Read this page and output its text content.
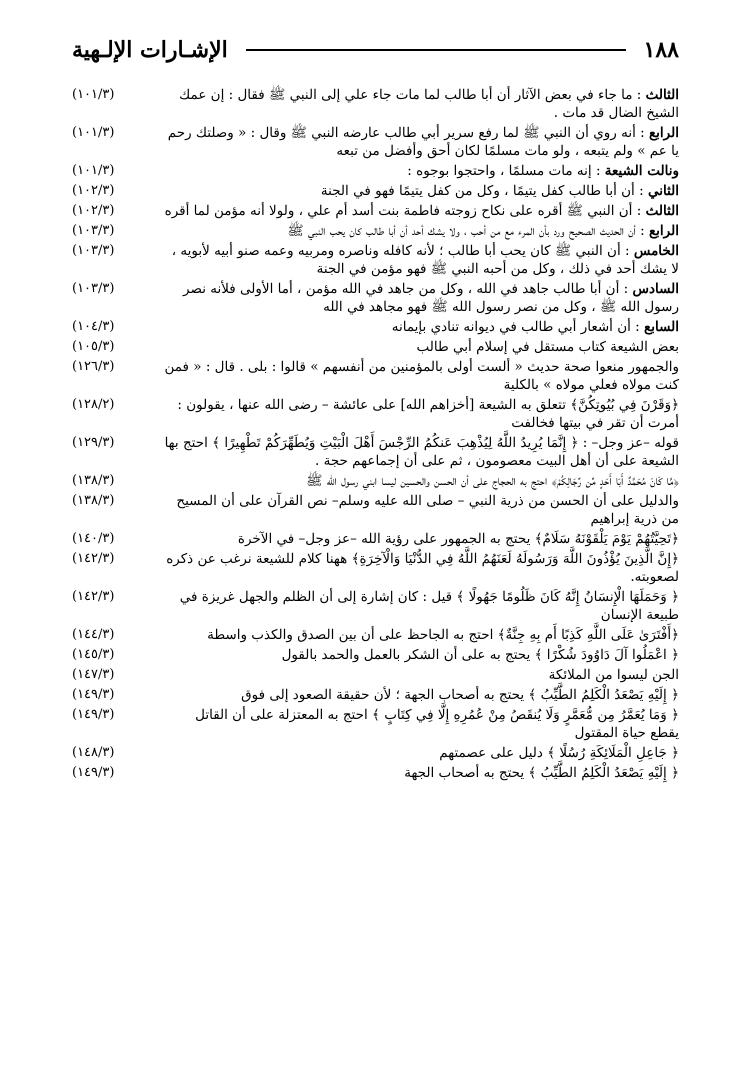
١٨٨
الإشـارات الإلـهية
الثالث : ما جاء في بعض الآثار أن أبا طالب لما مات جاء علي إلى النبي ﷺ فقال : إن عمك الشيخ الضال قد مات .
(١٠١/٣)
الرابع : أنه روي أن النبي ﷺ لما رفع سرير أبي طالب عارضه النبي ﷺ وقال : « وصلتك رحم يا عم » ولم يتبعه ، ولو مات مسلمًا لكان أحق وأفضل من تبعه
(١٠١/٣)
ونالت الشيعة : إنه مات مسلمًا ، واحتجوا بوجوه :
(١٠١/٣)
الثاني : أن أبا طالب كفل يتيمًا ، وكل من كفل يتيمًا فهو في الجنة
(١٠٢/٣)
الثالث : أن النبي ﷺ أقره على نكاح زوجته فاطمة بنت أسد أم علي ، ولولا أنه مؤمن لما أقره
(١٠٢/٣)
الرابع : أن الحديث الصحيح ورد بأن المرء مع من أحب ، ولا يشك أحد أن أبا طالب كان يحب النبي ﷺ
(١٠٣/٣)
الخامس : أن النبي ﷺ كان يحب أبا طالب ؛ لأنه كافله وناصره ومربيه وعمه صنو أبيه لأبويه ، لا يشك أحد في ذلك ، وكل من أحبه النبي ﷺ فهو مؤمن في الجنة
(١٠٣/٣)
السادس : أن أبا طالب جاهد في الله ، وكل من جاهد في الله مؤمن ، أما الأولى فلأنه نصر رسول الله ﷺ ، وكل من نصر رسول الله ﷺ فهو مجاهد في الله
(١٠٣/٣)
السابع : أن أشعار أبي طالب في ديوانه تنادي بإيمانه
(١٠٤/٣)
بعض الشيعة كتاب مستقل في إسلام أبي طالب
(١٠٥/٣)
والجمهور منعوا صحة حديث « ألست أولى بالمؤمنين من أنفسهم » قالوا : بلى . قال : « فمن كنت مولاه فعلي مولاه » بالكلية
(١٢٦/٣)
﴿وَقَرْنَ فِي بُيُوتِكُنَّ﴾ تتعلق به الشيعة [أخزاهم الله] على عائشة – رضى الله عنها ، يقولون : أمرت أن تقر في بيتها فخالفت
(١٢٨/٢)
قوله –عز وجل– : ﴿ إِنَّمَا يُرِيدُ اللَّهُ لِيُذْهِبَ عَنكُمُ الرِّجْسَ أَهْلَ الْبَيْتِ وَيُطَهِّرَكُمْ تَطْهِيرًا ﴾ احتج بها الشيعة على أن أهل البيت معصومون ، ثم على أن إجماعهم حجة .
(١٢٩/٣)
﴿مَّا كَانَ مُحَمَّدٌ أَبَا أَحَدٍ مِّن رِّجَالِكُمْ﴾ احتج به الحجاج على أن الحسن والحسين ليسا ابني رسول الله ﷺ
(١٣٨/٣)
والدليل على أن الحسن من ذرية النبي – صلى الله عليه وسلم– نص القرآن على أن المسيح من ذرية إبراهيم
(١٣٨/٣)
﴿تَحِيَّتُهُمْ يَوْمَ يَلْقَوْنَهُ سَلَامٌ﴾ يحتج به الجمهور على رؤية الله –عز وجل– في الآخرة
(١٤٠/٣)
﴿إِنَّ الَّذِينَ يُؤْذُونَ اللَّهَ وَرَسُولَهُ لَعَنَهُمُ اللَّهُ فِي الدُّنْيَا وَالْآخِرَةِ﴾ ههنا كلام للشيعة نرغب عن ذكره لصعوبته.
(١٤٢/٣)
﴿ وَحَمَلَهَا الْإِنسَانُ إِنَّهُ كَانَ ظَلُومًا جَهُولًا ﴾ قيل : كان إشارة إلى أن الظلم والجهل غريزة في طبيعة الإنسان
(١٤٢/٣)
﴿أَفْتَرَىٰ عَلَى اللَّهِ كَذِبًا أَم بِهِ جِنَّةٌ﴾ احتج به الجاحظ على أن بين الصدق والكذب واسطة
(١٤٤/٣)
﴿ اعْمَلُوا آلَ دَاوُودَ شُكْرًا ﴾ يحتج به على أن الشكر بالعمل والحمد بالقول
(١٤٥/٣)
الجن ليسوا من الملائكة
(١٤٧/٣)
﴿ إِلَيْهِ يَصْعَدُ الْكَلِمُ الطَّيِّبُ ﴾ يحتج به أصحاب الجهة ؛ لأن حقيقة الصعود إلى فوق
(١٤٩/٣)
﴿ وَمَا يُعَمَّرُ مِن مُّعَمَّرٍ وَلَا يُنقَصُ مِنْ عُمُرِهِ إِلَّا فِي كِتَابٍ ﴾ احتج به المعتزلة على أن القاتل يقطع حياة المقتول
(١٤٩/٣)
﴿ جَاعِلِ الْمَلَائِكَةِ رُسُلًا ﴾ دليل على عصمتهم
(١٤٨/٣)
﴿ إِلَيْهِ يَصْعَدُ الْكَلِمُ الطَّيِّبُ ﴾ يحتج به أصحاب الجهة
(١٤٩/٣)
